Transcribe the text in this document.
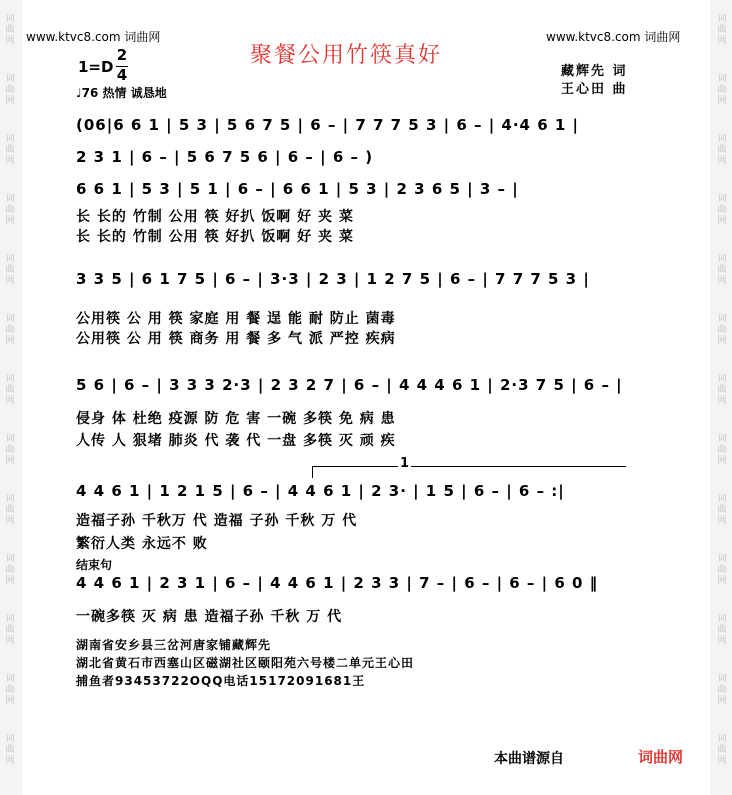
词
曲
网
词
曲
网
词
曲
网
词
曲
网
词
曲
网
词
曲
网
词
曲
网
词
曲
网
词
曲
网
词
曲
网
词
曲
网
词
曲
网
词
曲
网
词
曲
网
词
曲
网
词
曲
网
词
曲
网
词
曲
网
词
曲
网
词
曲
网
词
曲
网
词
曲
网
词
曲
网
词
曲
网
词
曲
网
词
曲
网
www.ktvc8.com 词曲网	www.ktvc8.com 词曲网
聚餐公用竹筷真好
藏辉先 词
王心田 曲
1=D
2
4
♩76 热情 诚恳地
(06|6 6 1 | 5 3 | 5 6 7 5 | 6 – | 7 7 7 5 3 | 6 – | 4·4 6 1 |
2 3 1 | 6 – | 5 6 7 5 6 | 6 – | 6 – )
6 6 1 | 5 3 | 5 1 | 6 – | 6 6 1 | 5 3 | 2 3 6 5 | 3 – |
长 长的 竹制 公用 筷 好扒 饭啊 好 夹 菜
长 长的 竹制 公用 筷 好扒 饭啊 好 夹 菜
3 3 5 | 6 1 7 5 | 6 – | 3·3 | 2 3 | 1 2 7 5 | 6 – | 7 7 7 5 3 |
公用筷 公 用 筷 家庭 用 餐 逞 能 耐 防止 菌毒
公用筷 公 用 筷 商务 用 餐 多 气 派 严控 疾病
5 6 | 6 – | 3 3 3 2·3 | 2 3 2 7 | 6 – | 4 4 4 6 1 | 2·3 7 5 | 6 – |
侵身 体 杜绝 疫源 防 危 害 一碗 多筷 免 病 患
人传 人 狠堵 肺炎 代 袭 代 一盘 多筷 灭 顽 疾
1
4 4 6 1 | 1 2 1 5 | 6 – | 4 4 6 1 | 2 3· | 1 5 | 6 – | 6 – :|
造福子孙 千秋万 代 造福 子孙 千秋 万 代
繁衍人类 永远不 败
结束句
4 4 6 1 | 2 3 1 | 6 – | 4 4 6 1 | 2 3 3 | 7 – | 6 – | 6 – | 6 0 ‖
一碗多筷 灭 病 患 造福子孙 千秋 万 代
湖南省安乡县三岔河唐家铺藏辉先
湖北省黄石市西塞山区磁湖社区颐阳苑六号楼二单元王心田
捕鱼者93453722OQQ电话15172091681王
本曲谱源自	词曲网
